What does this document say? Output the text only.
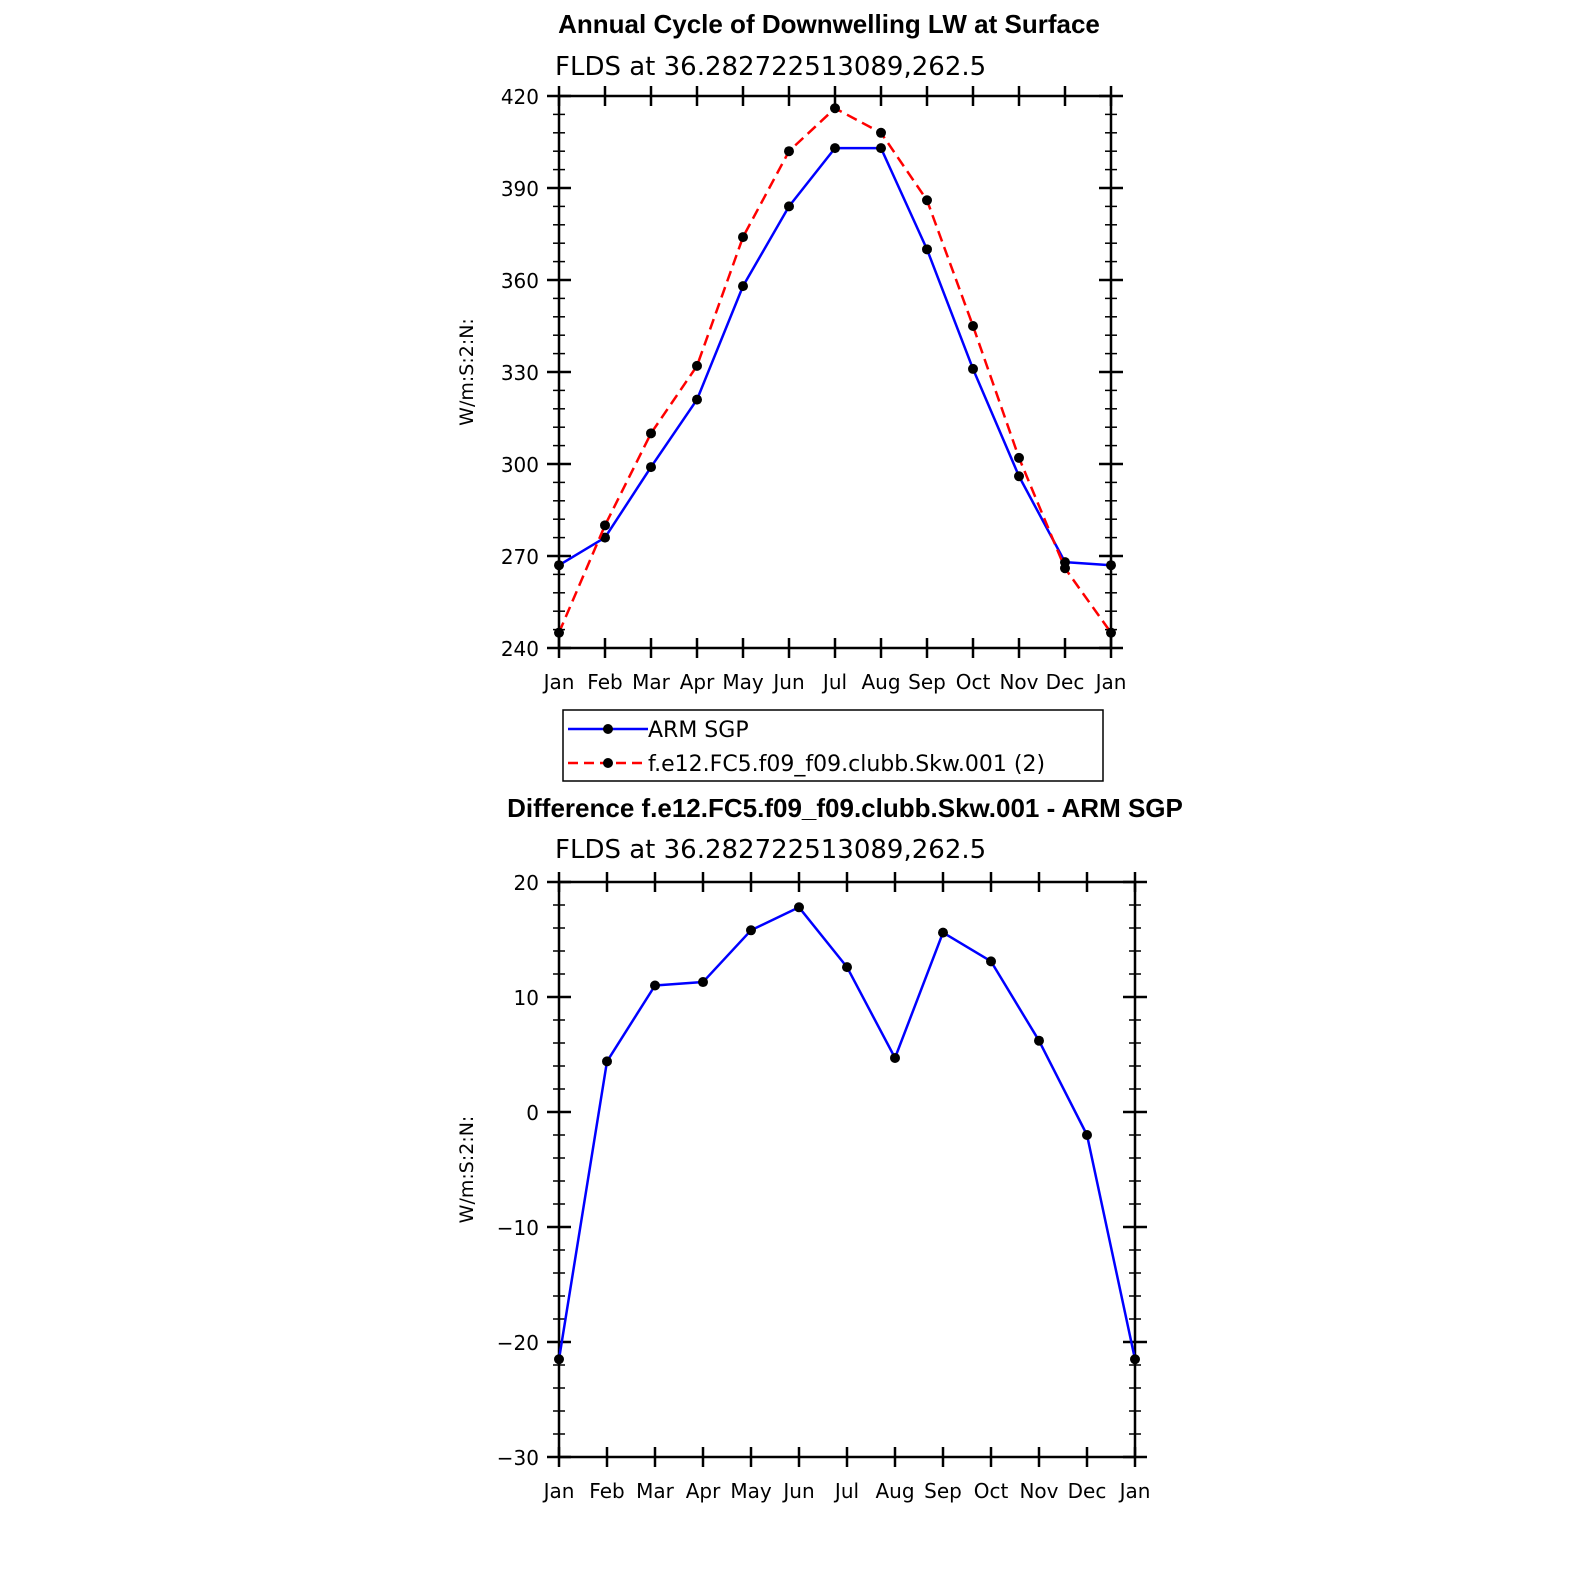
Annual Cycle of Downwelling LW at Surface
FLDS at 36.282722513089,262.5
Jan Feb Mar Apr May Jun Jul Aug Sep Oct Nov Dec Jan
240
270
300
330
360
390
420
W/m:S:2:N:
ARM SGP
f.e12.FC5.f09_f09.clubb.Skw.001 (2)
Difference f.e12.FC5.f09_f09.clubb.Skw.001 - ARM SGP
FLDS at 36.282722513089,262.5
Jan Feb Mar Apr May Jun Jul Aug Sep Oct Nov Dec Jan
−30
−20
−10
0
10
20
W/m:S:2:N:
